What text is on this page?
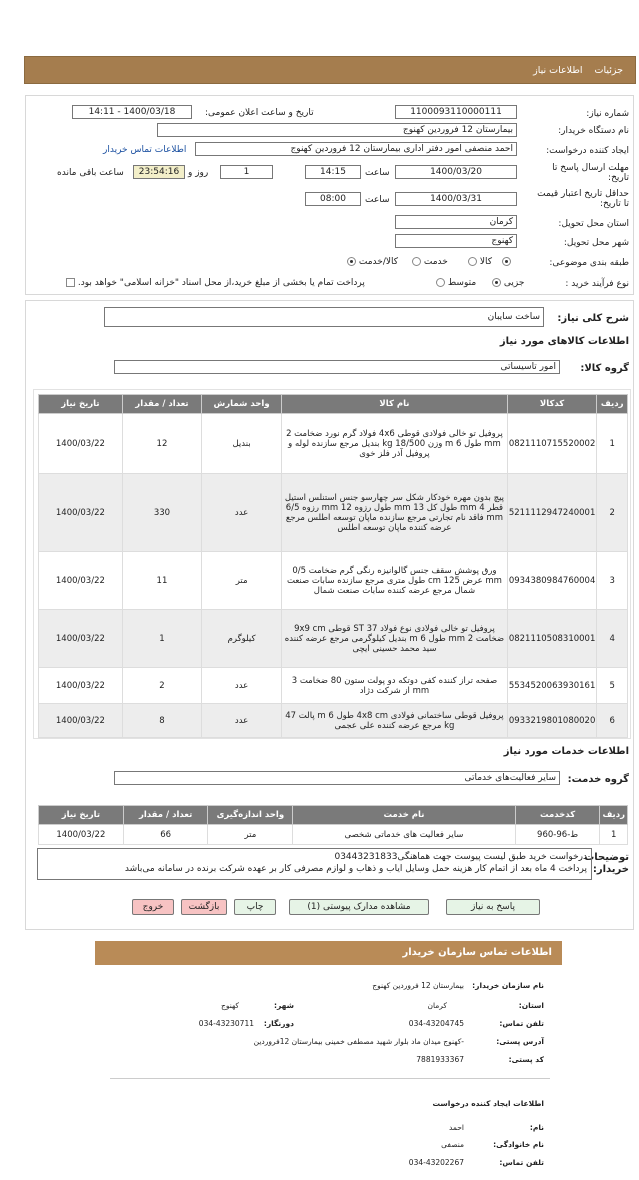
جزئیات
اطلاعات نیاز
شماره نیاز:
1100093110000111
تاریخ و ساعت اعلان عمومی:
1400/03/18 - 14:11
نام دستگاه خریدار:
بیمارستان 12 فروردین کهنوج
ایجاد کننده درخواست:
احمد منصفی امور دفتر اداری بیمارستان 12 فروردین کهنوج
اطلاعات تماس خریدار
مهلت ارسال پاسخ تا تاریخ:
1400/03/20
ساعت
14:15
1
روز و
23:54:16
ساعت باقی مانده
حداقل تاریخ اعتبار قیمت تا تاریخ:
1400/03/31
ساعت
08:00
استان محل تحویل:
کرمان
شهر محل تحویل:
کهنوج
طبقه بندی موضوعی:
کالا
خدمت
کالا/خدمت
نوع فرآیند خرید :
جزیی
متوسط
پرداخت تمام یا بخشی از مبلغ خرید،از محل اسناد "خزانه اسلامی" خواهد بود.
شرح کلی نیاز:
ساخت سایبان
اطلاعات کالاهای مورد نیاز
گروه کالا:
امور تاسیساتی
ردیف	کدکالا	نام کالا	واحد شمارش	تعداد / مقدار	تاریخ نیاز
1	0821110715520002	پروفیل تو خالی فولادی قوطی 4x6 فولاد گرم نورد ضخامت 2 mm طول 6 m وزن 18/500 kg بندیل مرجع سازنده لوله و پروفیل آذر فلز خوی	بندیل	12	1400/03/22
2	5211112947240001	پیچ بدون مهره خودکار شکل سر چهارسو جنس استنلس استیل قطر 4 mm طول کل 13 mm طول رزوه 12 mm رزوه 6/5 mm فاقد نام تجارتی مرجع سازنده ماپان توسعه اطلس مرجع عرضه کننده ماپان توسعه اطلس	عدد	330	1400/03/22
3	0934380984760004	ورق پوشش سقف جنس گالوانیزه رنگی گرم ضخامت 0/5 mm عرض 125 cm طول متری مرجع سازنده سابات صنعت شمال مرجع عرضه کننده سابات صنعت شمال	متر	11	1400/03/22
4	0821110508310001	پروفیل تو خالی فولادی نوع فولاد ST 37 قوطی 9x9 cm ضخامت 2 mm طول 6 m بندیل کیلوگرمی مرجع عرضه کننده سید محمد حسینی ایچی	کیلوگرم	1	1400/03/22
5	5534520063930161	صفحه تراز کننده کفی دوتکه دو پولت ستون 80 ضخامت 3 mm از شرکت دژاد	عدد	2	1400/03/22
6	0933219801080020	پروفیل قوطی ساختمانی فولادی 4x8 cm طول 6 m پالت 47 kg مرجع عرضه کننده علی عجمی	عدد	8	1400/03/22
اطلاعات خدمات مورد نیاز
گروه خدمت:
سایر فعالیت‌های خدماتی
ردیف	کدخدمت	نام خدمت	واحد اندازه‌گیری	تعداد / مقدار	تاریخ نیاز
1	ط-96-960	سایر فعالیت های خدماتی شخصی	متر	66	1400/03/22
توضیحات خریدار:
درخواست خرید طبق لیست پیوست جهت هماهنگی03443231833
پرداخت 4 ماه بعد از اتمام کار هزینه حمل وسایل ایاب و ذهاب و لوازم مصرفی کار بر عهده شرکت برنده در سامانه می‌باشد
پاسخ به نیاز
مشاهده مدارک پیوستی (1)
چاپ
بازگشت
خروج
اطلاعات تماس سازمان خریدار
نام سازمان خریدار:
بیمارستان 12 فروردین کهنوج
استان:
کرمان
شهر:
کهنوج
تلفن تماس:
034-43204745
دورنگار:
034-43230711
آدرس پستی:
-کهنوج میدان ماد بلوار شهید مصطفی خمینی بیمارستان 12فروردین
کد پستی:
7881933367
اطلاعات ایجاد کننده درخواست
نام:
احمد
نام خانوادگی:
منصفی
تلفن تماس:
034-43202267
